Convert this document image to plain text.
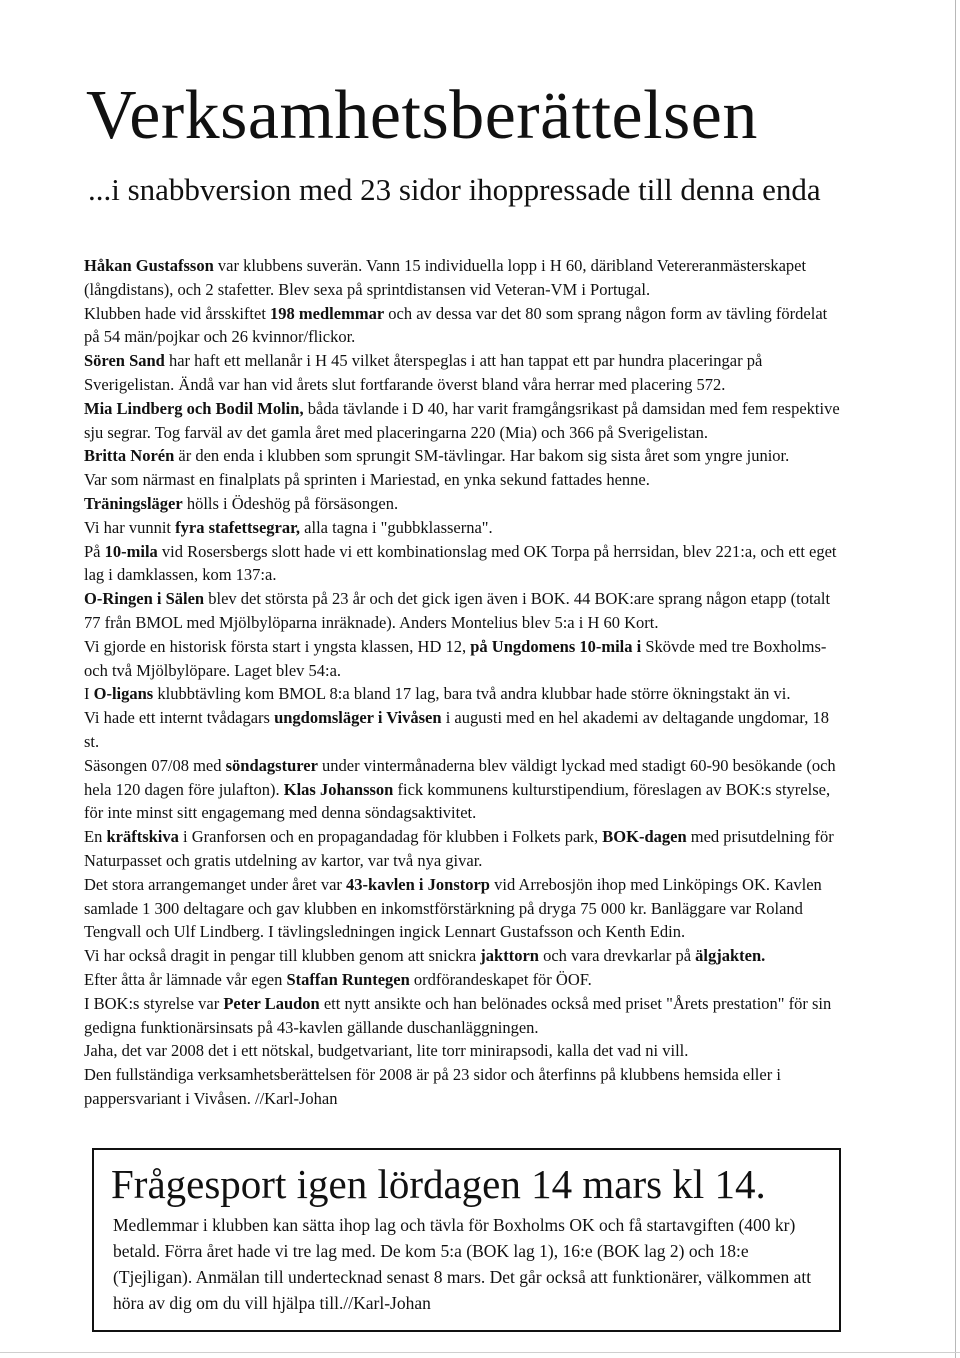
Verksamhetsberättelsen
...i snabbversion med 23 sidor ihoppressade till denna enda

Håkan Gustafsson var klubbens suverän. Vann 15 individuella lopp i H 60, däribland Vetereranmästerskapet (långdistans), och 2 stafetter. Blev sexa på sprintdistansen vid Veteran-VM i Portugal.

Klubben hade vid årsskiftet 198 medlemmar och av dessa var det 80 som sprang någon form av tävling fördelat på 54 män/pojkar och 26 kvinnor/flickor.

Sören Sand har haft ett mellanår i H 45 vilket återspeglas i att han tappat ett par hundra placeringar på Sverigelistan. Ändå var han vid årets slut fortfarande överst bland våra herrar med placering 572.

Mia Lindberg och Bodil Molin, båda tävlande i D 40, har varit framgångsrikast på damsidan med fem respektive sju segrar. Tog farväl av det gamla året med placeringarna 220 (Mia) och 366 på Sverigelistan.

Britta Norén är den enda i klubben som sprungit SM-tävlingar. Har bakom sig sista året som yngre junior.

Var som närmast en finalplats på sprinten i Mariestad, en ynka sekund fattades henne.

Träningsläger hölls i Ödeshög på försäsongen.

Vi har vunnit fyra stafettsegrar, alla tagna i "gubbklasserna".

På 10-mila vid Rosersbergs slott hade vi ett kombinationslag med OK Torpa på herrsidan, blev 221:a, och ett eget lag i damklassen, kom 137:a.

O-Ringen i Sälen blev det största på 23 år och det gick igen även i BOK. 44 BOK:are sprang någon etapp (totalt 77 från BMOL med Mjölbylöparna inräknade). Anders Montelius blev 5:a i H 60 Kort.

Vi gjorde en historisk första start i yngsta klassen, HD 12, på Ungdomens 10-mila i Skövde med tre Boxholms- och två Mjölbylöpare. Laget blev 54:a.

I O-ligans klubbtävling kom BMOL 8:a bland 17 lag, bara två andra klubbar hade större ökningstakt än vi.

Vi hade ett internt tvådagars ungdomsläger i Vivåsen i augusti med en hel akademi av deltagande ungdomar, 18 st.

Säsongen 07/08 med söndagsturer under vintermånaderna blev väldigt lyckad med stadigt 60-90 besökande (och hela 120 dagen före julafton). Klas Johansson fick kommunens kulturstipendium, föreslagen av BOK:s styrelse, för inte minst sitt engagemang med denna söndagsaktivitet.

En kräftskiva i Granforsen och en propagandadag för klubben i Folkets park, BOK-dagen med prisutdelning för Naturpasset och gratis utdelning av kartor, var två nya givar.

Det stora arrangemanget under året var 43-kavlen i Jonstorp vid Arrebosjön ihop med Linköpings OK. Kavlen samlade 1 300 deltagare och gav klubben en inkomstförstärkning på dryga 75 000 kr. Banläggare var Roland Tengvall och Ulf Lindberg. I tävlingsledningen ingick Lennart Gustafsson och Kenth Edin.

Vi har också dragit in pengar till klubben genom att snickra jakttorn och vara drevkarlar på älgjakten.

Efter åtta år lämnade vår egen Staffan Runtegen ordförandeskapet för ÖOF.

I BOK:s styrelse var Peter Laudon ett nytt ansikte och han belönades också med priset "Årets prestation" för sin gedigna funktionärsinsats på 43-kavlen gällande duschanläggningen.

Jaha, det var 2008 det i ett nötskal, budgetvariant, lite torr minirapsodi, kalla det vad ni vill.

Den fullständiga verksamhetsberättelsen för 2008 är på 23 sidor och återfinns på klubbens hemsida eller i pappersvariant i Vivåsen. //Karl-Johan

Frågesport igen lördagen 14 mars kl 14.

Medlemmar i klubben kan sätta ihop lag och tävla för Boxholms OK och få startavgiften (400 kr) betald. Förra året hade vi tre lag med. De kom 5:a (BOK lag 1), 16:e (BOK lag 2) och 18:e (Tjejligan). Anmälan till undertecknad senast 8 mars. Det går också att funktionärer, välkommen att höra av dig om du vill hjälpa till.//Karl-Johan
